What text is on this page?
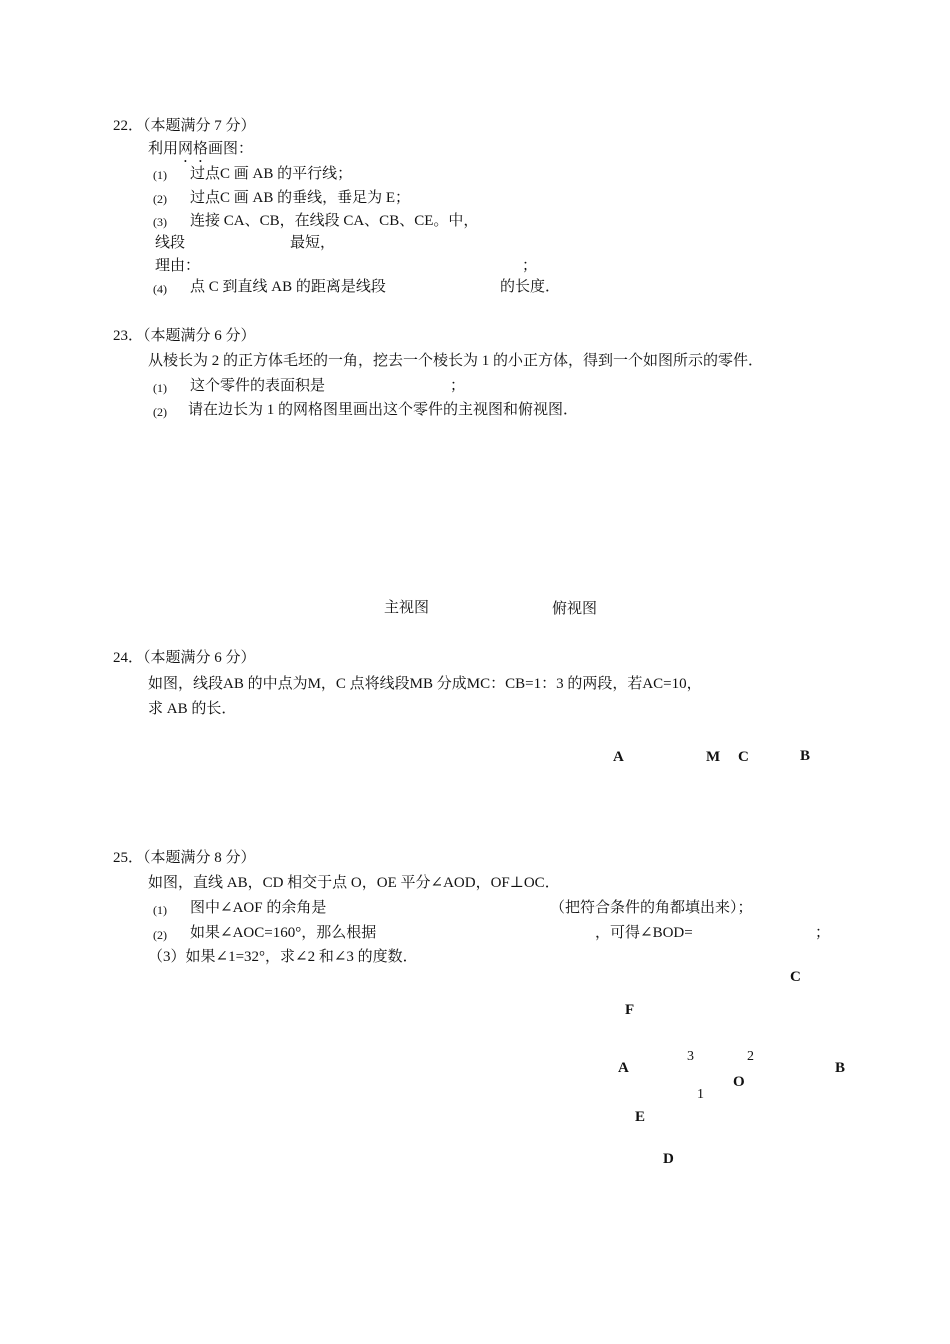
22．（本题满分 7 分）
利用网格画图：
(1) 过点C 画 AB 的平行线；
(2) 过点C 画 AB 的垂线，垂足为 E；
(3) 连接 CA、CB，在线段 CA、CB、CE。中，
线段	最短，
理由：	；
(4) 点 C 到直线 AB 的距离是线段	的长度．
23．（本题满分 6 分）
从棱长为 2 的正方体毛坯的一角，挖去一个棱长为 1 的小正方体，得到一个如图所示的零件．
(1) 这个零件的表面积是	；
(2) 请在边长为 1 的网格图里画出这个零件的主视图和俯视图．
主视图	俯视图
24．（本题满分 6 分）
如图，线段AB 的中点为M，C 点将线段MB 分成MC：CB=1：3 的两段，若AC=10，
求 AB 的长．
A	M C	B
25．（本题满分 8 分）
如图，直线 AB，CD 相交于点 O，OE 平分∠AOD，OF⊥OC．
(1) 图中∠AOF 的余角是	（把符合条件的角都填出来）；
(2) 如果∠AOC=160°，那么根据	，可得∠BOD=	；
（3）如果∠1=32°，求∠2 和∠3 的度数．
C
F
3	2
A	B
O
1
E
D
